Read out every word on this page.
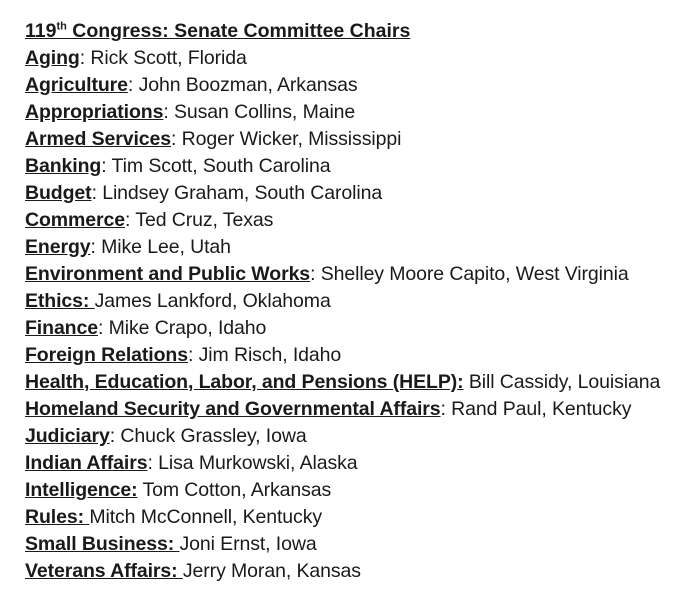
119th Congress: Senate Committee Chairs
Aging: Rick Scott, Florida
Agriculture: John Boozman, Arkansas
Appropriations: Susan Collins, Maine
Armed Services: Roger Wicker, Mississippi
Banking: Tim Scott, South Carolina
Budget: Lindsey Graham, South Carolina
Commerce: Ted Cruz, Texas
Energy: Mike Lee, Utah
Environment and Public Works: Shelley Moore Capito, West Virginia
Ethics: James Lankford, Oklahoma
Finance: Mike Crapo, Idaho
Foreign Relations: Jim Risch, Idaho
Health, Education, Labor, and Pensions (HELP): Bill Cassidy, Louisiana
Homeland Security and Governmental Affairs: Rand Paul, Kentucky
Judiciary: Chuck Grassley, Iowa
Indian Affairs: Lisa Murkowski, Alaska
Intelligence: Tom Cotton, Arkansas
Rules: Mitch McConnell, Kentucky
Small Business: Joni Ernst, Iowa
Veterans Affairs: Jerry Moran, Kansas
